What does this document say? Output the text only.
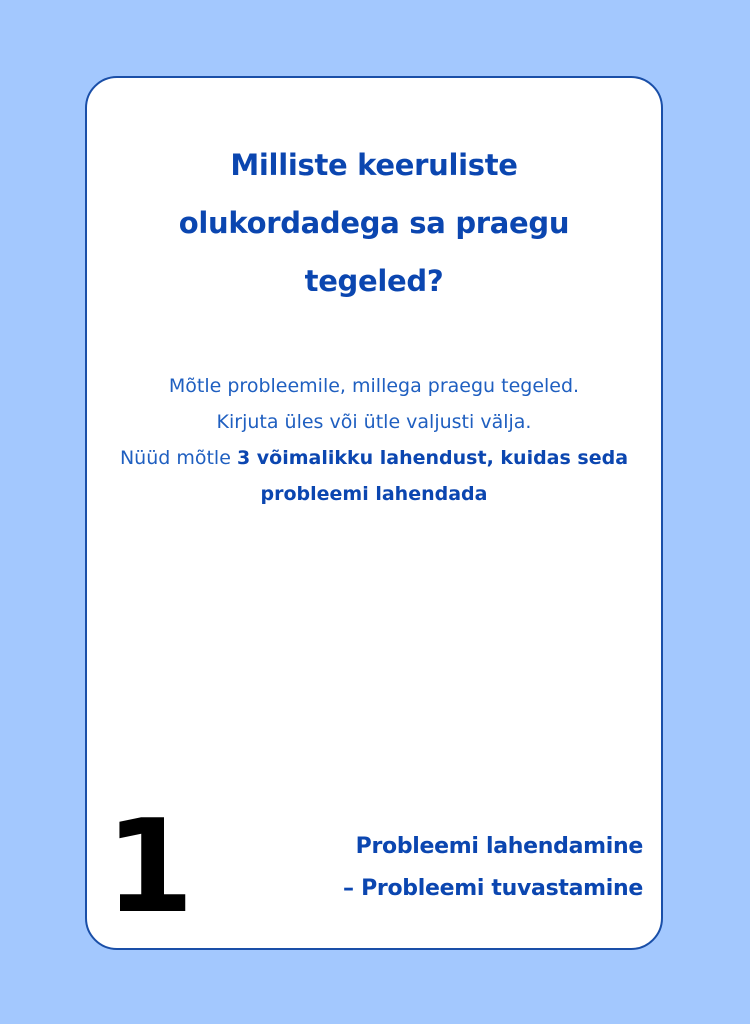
Milliste keeruliste olukordadega sa praegu tegeled?
Mõtle probleemile, millega praegu tegeled.
Kirjuta üles või ütle valjusti välja.
Nüüd mõtle 3 võimalikku lahendust, kuidas seda probleemi lahendada
1	Probleemi lahendamine
– Probleemi tuvastamine
